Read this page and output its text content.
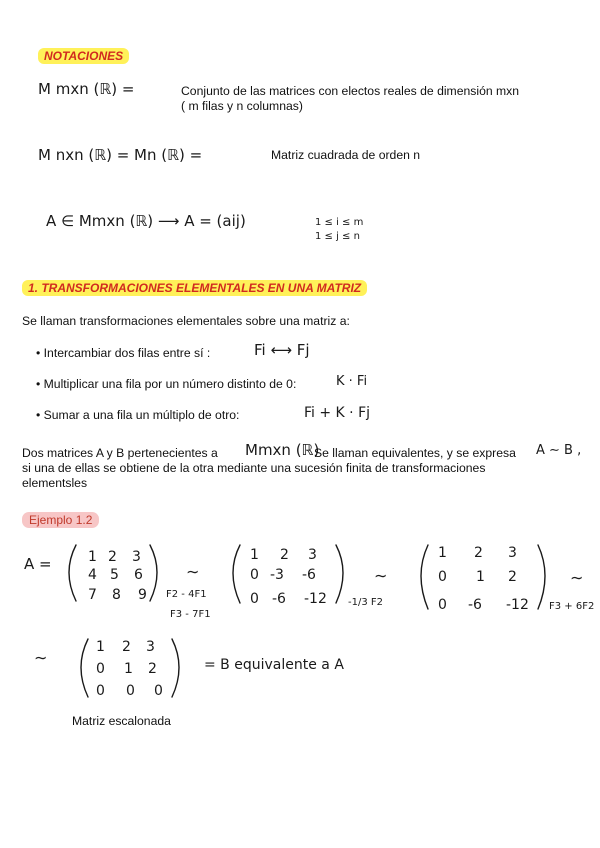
NOTACIONES
M mxn (ℝ) =	Conjunto de las matrices con electos reales de dimensión mxn
( m filas y n columnas)
M nxn (ℝ) = Mn (ℝ) =	Matriz cuadrada de orden n
A ∈ Mmxn (ℝ) ⟶ A = (aij)	1 ≤ i ≤ m
1 ≤ j ≤ n
1. TRANSFORMACIONES ELEMENTALES EN UNA MATRIZ
Se llaman transformaciones elementales sobre una matriz a:
• Intercambiar dos filas entre sí :	Fi ⟷ Fj
• Multiplicar una fila por un número distinto de 0:	K · Fi
• Sumar a una fila un múltiplo de otro:	Fi + K · Fj
Dos matrices A y B pertenecientes a Mmxn (ℝ)
Se llaman equivalentes, y se expresa A ∼ B ,
si una de ellas se obtiene de la otra mediante una sucesión finita de transformaciones
elementsles
Ejemplo 1.2
A =	1 2 3
4 5 6
7 8 9
∼
F2 - 4F1
F3 - 7F1
1 2 3
0 -3 -6
0 -6 -12
∼
-1/3 F2
1 2 3
0 1 2
0 -6 -12
∼
F3 + 6F2
∼
1 2 3
0 1 2
0 0 0
= B equivalente a A
Matriz escalonada
